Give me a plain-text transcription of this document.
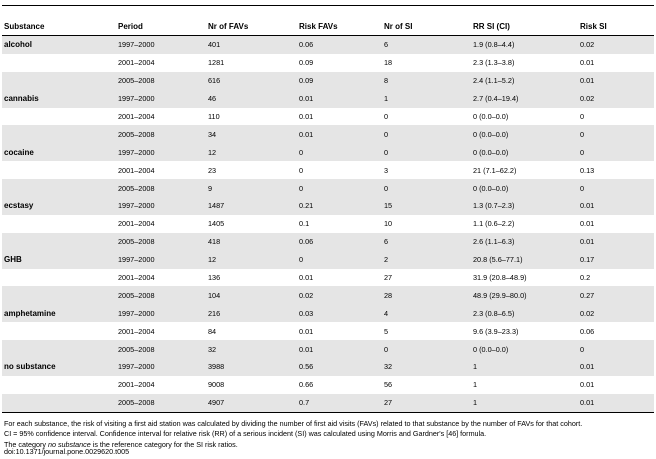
Substance	Period	Nr of FAVs	Risk FAVs	Nr of SI	RR SI (CI)	Risk SI
alcohol	1997–2000	401	0.06	6	1.9 (0.8–4.4)	0.02
	2001–2004	1281	0.09	18	2.3 (1.3–3.8)	0.01
	2005–2008	616	0.09	8	2.4 (1.1–5.2)	0.01
cannabis	1997–2000	46	0.01	1	2.7 (0.4–19.4)	0.02
	2001–2004	110	0.01	0	0 (0.0–0.0)	0
	2005–2008	34	0.01	0	0 (0.0–0.0)	0
cocaine	1997–2000	12	0	0	0 (0.0–0.0)	0
	2001–2004	23	0	3	21 (7.1–62.2)	0.13
	2005–2008	9	0	0	0 (0.0–0.0)	0
ecstasy	1997–2000	1487	0.21	15	1.3 (0.7–2.3)	0.01
	2001–2004	1405	0.1	10	1.1 (0.6–2.2)	0.01
	2005–2008	418	0.06	6	2.6 (1.1–6.3)	0.01
GHB	1997–2000	12	0	2	20.8 (5.6–77.1)	0.17
	2001–2004	136	0.01	27	31.9 (20.8–48.9)	0.2
	2005–2008	104	0.02	28	48.9 (29.9–80.0)	0.27
amphetamine	1997–2000	216	0.03	4	2.3 (0.8–6.5)	0.02
	2001–2004	84	0.01	5	9.6 (3.9–23.3)	0.06
	2005–2008	32	0.01	0	0 (0.0–0.0)	0
no substance	1997–2000	3988	0.56	32	1	0.01
	2001–2004	9008	0.66	56	1	0.01
	2005–2008	4907	0.7	27	1	0.01

For each substance, the risk of visiting a first aid station was calculated by dividing the number of first aid visits (FAVs) related to that substance by the number of FAVs for that cohort.

CI = 95% confidence interval. Confidence interval for relative risk (RR) of a serious incident (SI) was calculated using Morris and Gardner's [46] formula.

The category no substance is the reference category for the SI risk ratios.

doi:10.1371/journal.pone.0029620.t005
